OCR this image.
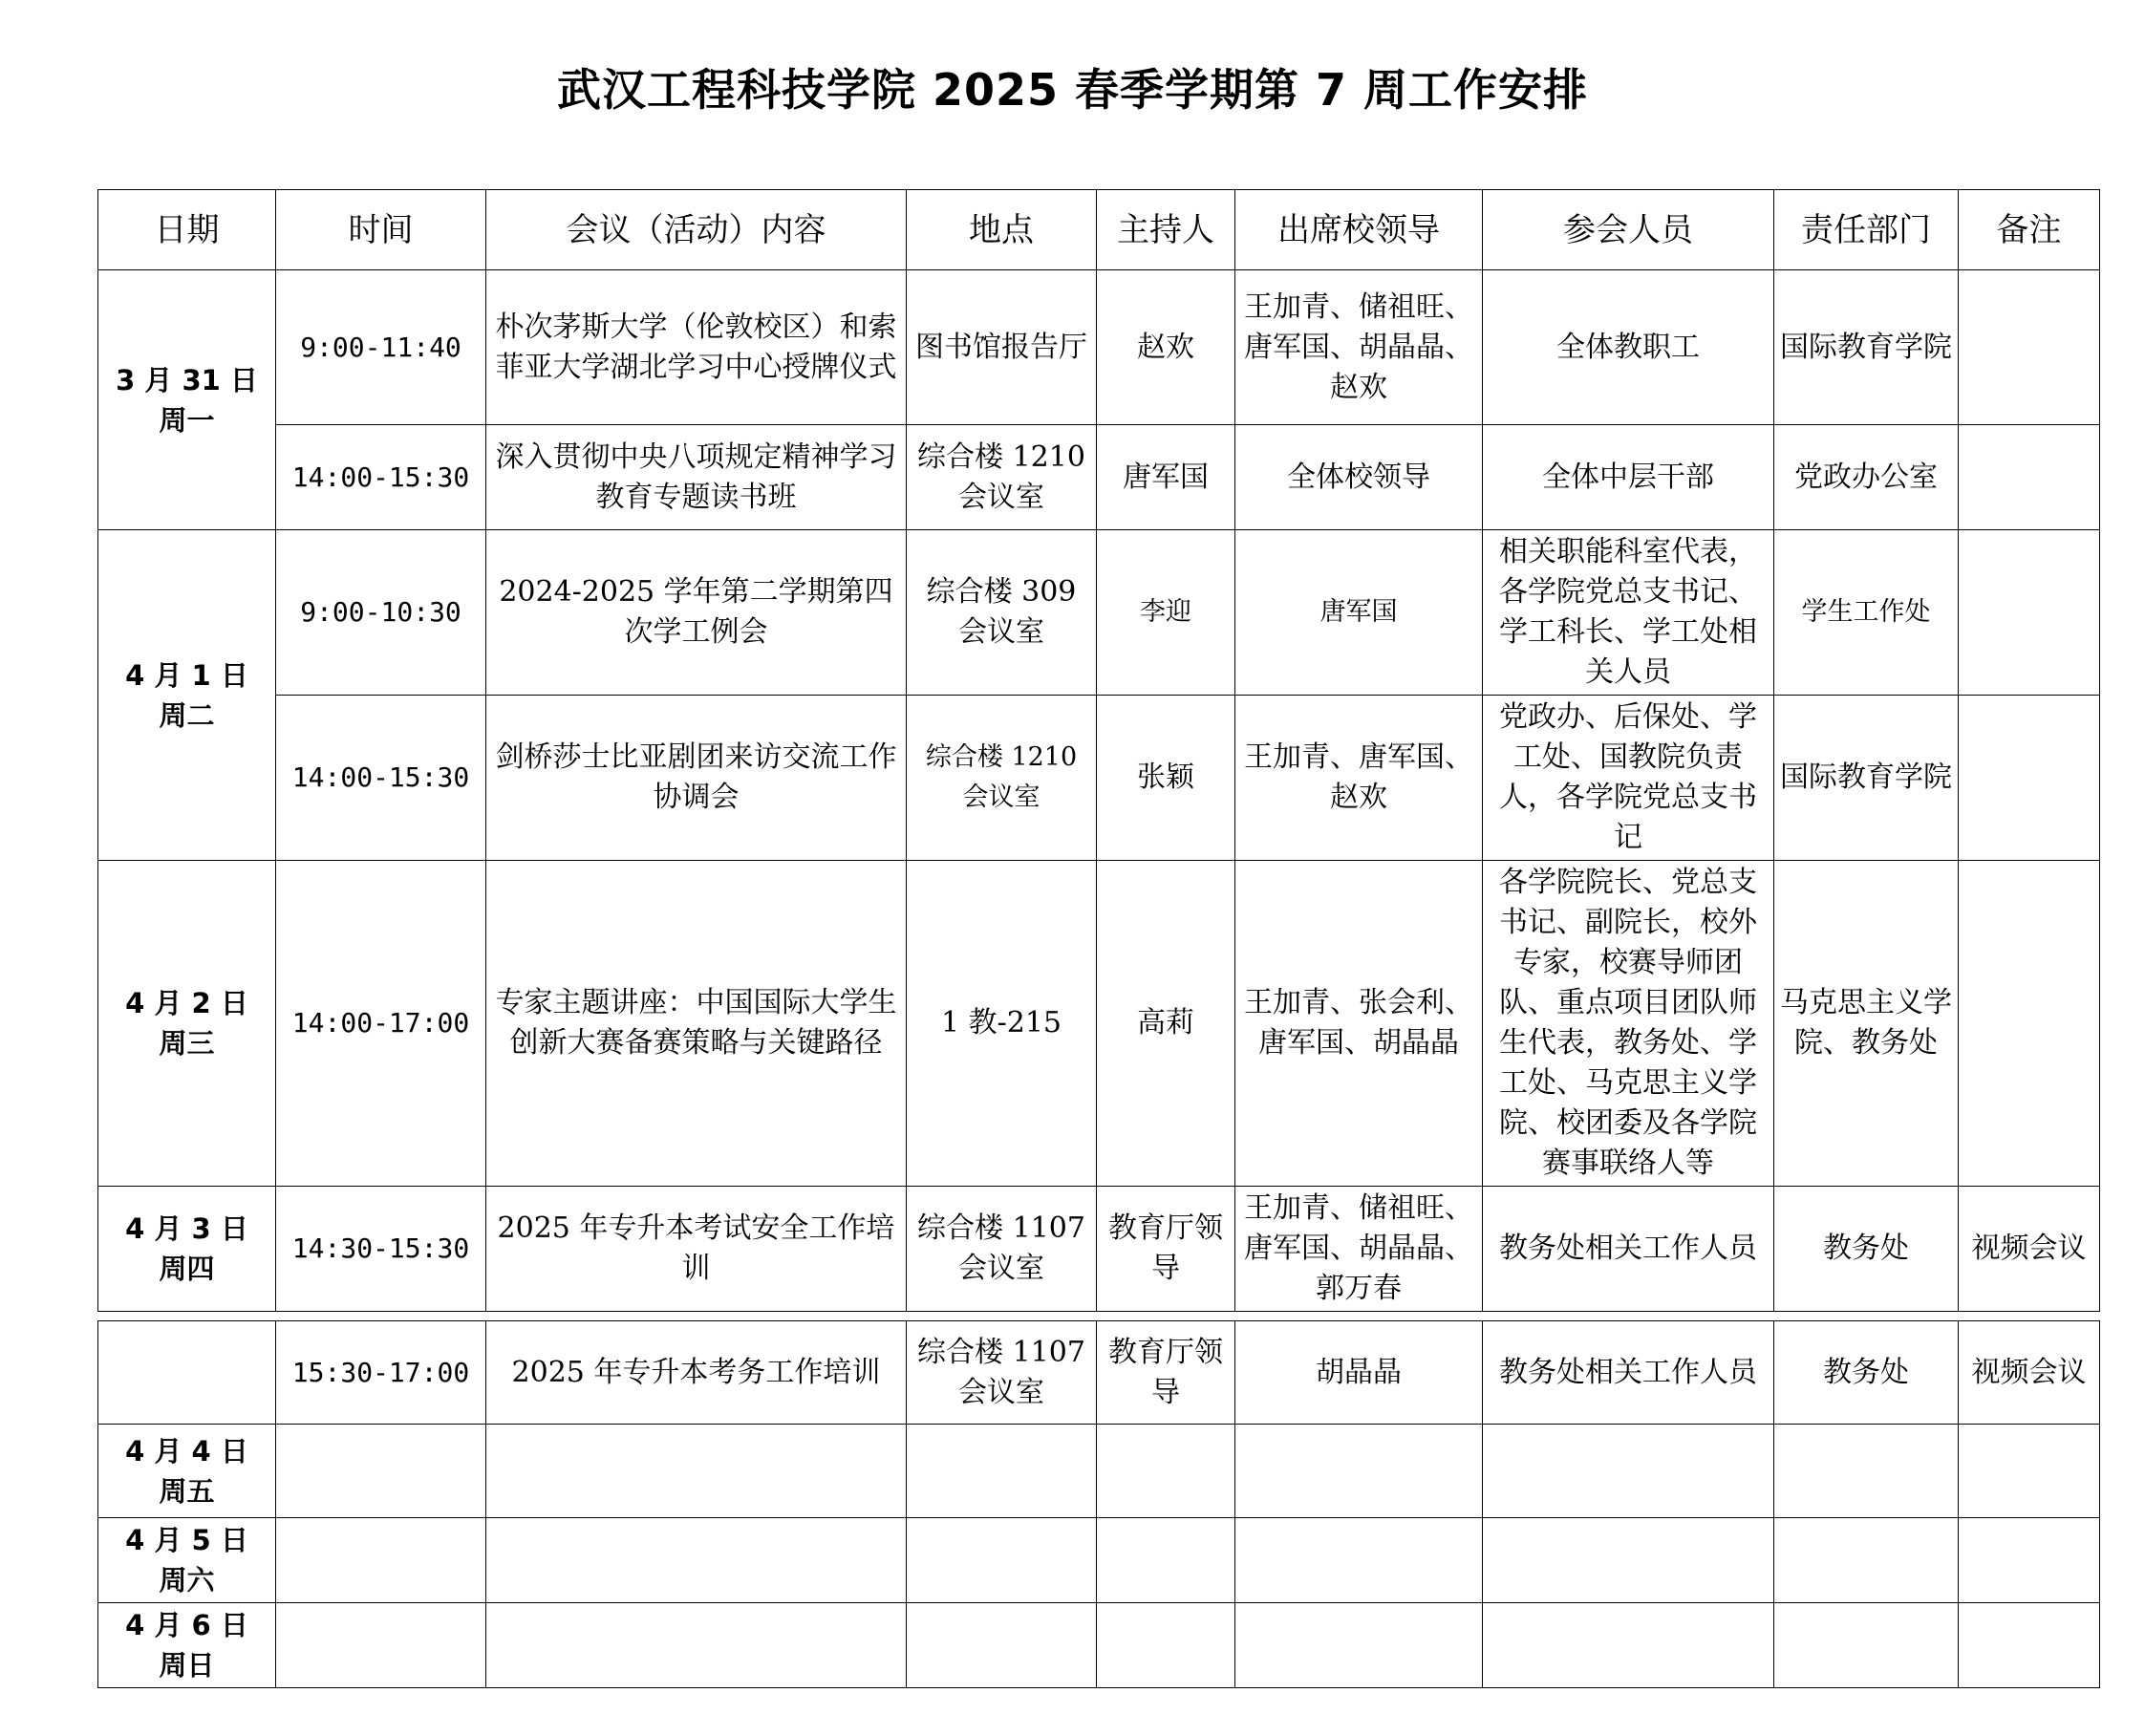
武汉工程科技学院 2025 春季学期第 7 周工作安排
日期	时间	会议（活动）内容	地点	主持人	出席校领导	参会人员	责任部门	备注

3 月 31 日
周一	9:00-11:40	朴次茅斯大学（伦敦校区）和索菲亚大学湖北学习中心授牌仪式	图书馆报告厅	赵欢	王加青、储祖旺、唐军国、胡晶晶、赵欢	全体教职工	国际教育学院	
	14:00-15:30	深入贯彻中央八项规定精神学习教育专题读书班	综合楼 1210 会议室	唐军国	全体校领导	全体中层干部	党政办公室	

4 月 1 日
周二	9:00-10:30	2024-2025 学年第二学期第四次学工例会	综合楼 309 会议室	李迎	唐军国	相关职能科室代表，各学院党总支书记、学工科长、学工处相关人员	学生工作处	
	14:00-15:30	剑桥莎士比亚剧团来访交流工作协调会	综合楼 1210 会议室	张颖	王加青、唐军国、赵欢	党政办、后保处、学工处、国教院负责人，各学院党总支书记	国际教育学院	

4 月 2 日
周三	14:00-17:00	专家主题讲座：中国国际大学生创新大赛备赛策略与关键路径	1 教-215	高莉	王加青、张会利、唐军国、胡晶晶	各学院院长、党总支书记、副院长，校外专家，校赛导师团队、重点项目团队师生代表，教务处、学工处、马克思主义学院、校团委及各学院赛事联络人等	马克思主义学院、教务处	

4 月 3 日
周四	14:30-15:30	2025 年专升本考试安全工作培训	综合楼 1107 会议室	教育厅领导	王加青、储祖旺、唐军国、胡晶晶、郭万春	教务处相关工作人员	教务处	视频会议
	15:30-17:00	2025 年专升本考务工作培训	综合楼 1107 会议室	教育厅领导	胡晶晶	教务处相关工作人员	教务处	视频会议

4 月 4 日
周五								

4 月 5 日
周六								

4 月 6 日
周日								
